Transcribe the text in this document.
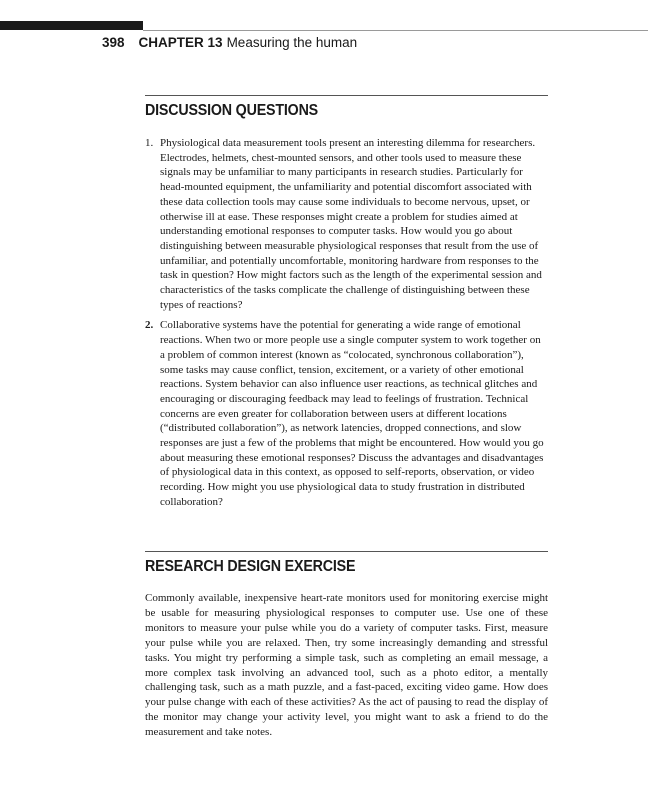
398 CHAPTER 13 Measuring the human
DISCUSSION QUESTIONS
1. Physiological data measurement tools present an interesting dilemma for researchers. Electrodes, helmets, chest-mounted sensors, and other tools used to measure these signals may be unfamiliar to many participants in research studies. Particularly for head-mounted equipment, the unfamiliarity and potential discomfort associated with these data collection tools may cause some individuals to become nervous, upset, or otherwise ill at ease. These responses might create a problem for studies aimed at understanding emotional responses to computer tasks. How would you go about distinguishing between measurable physiological responses that result from the use of unfamiliar, and potentially uncomfortable, monitoring hardware from responses to the task in question? How might factors such as the length of the experimental session and characteristics of the tasks complicate the challenge of distinguishing between these types of reactions?
2. Collaborative systems have the potential for generating a wide range of emotional reactions. When two or more people use a single computer system to work together on a problem of common interest (known as “colocated, synchronous collaboration”), some tasks may cause conflict, tension, excitement, or a variety of other emotional reactions. System behavior can also influence user reactions, as technical glitches and encouraging or discouraging feedback may lead to feelings of frustration. Technical concerns are even greater for collaboration between users at different locations (“distributed collaboration”), as network latencies, dropped connections, and slow responses are just a few of the problems that might be encountered. How would you go about measuring these emotional responses? Discuss the advantages and disadvantages of physiological data in this context, as opposed to self-reports, observation, or video recording. How might you use physiological data to study frustration in distributed collaboration?
RESEARCH DESIGN EXERCISE

Commonly available, inexpensive heart-rate monitors used for monitoring exercise might be usable for measuring physiological responses to computer use. Use one of these monitors to measure your pulse while you do a variety of computer tasks. First, measure your pulse while you are relaxed. Then, try some increasingly demanding and stressful tasks. You might try performing a simple task, such as completing an email message, a more complex task involving an advanced tool, such as a photo editor, a mentally challenging task, such as a math puzzle, and a fast-paced, exciting video game. How does your pulse change with each of these activities? As the act of pausing to read the display of the monitor may change your activity level, you might want to ask a friend to do the measurement and take notes.
